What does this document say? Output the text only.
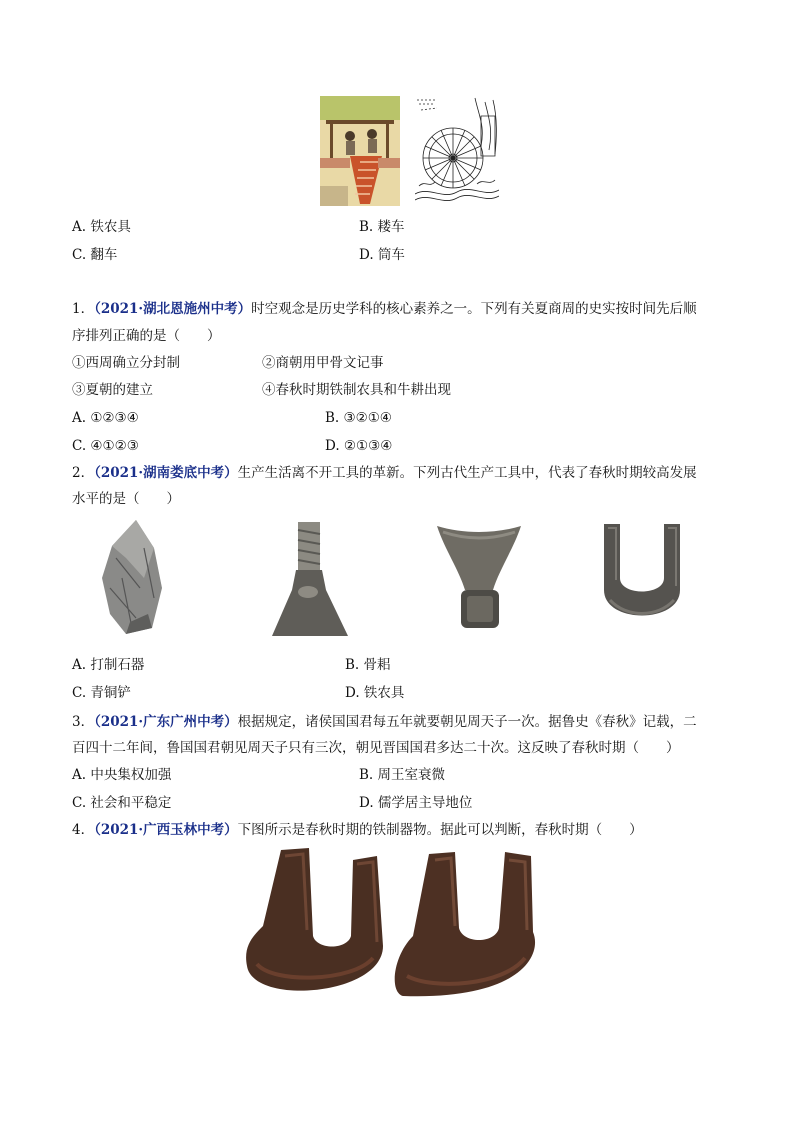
A. 铁农具	B. 耧车
C. 翻车	D. 筒车
1．（2021·湖北恩施州中考）时空观念是历史学科的核心素养之一。下列有关夏商周的史实按时间先后顺
序排列正确的是（　　）
①西周确立分封制	②商朝用甲骨文记事
③夏朝的建立	④春秋时期铁制农具和牛耕出现
A. ①②③④	B. ③②①④
C. ④①②③	D. ②①③④
2．（2021·湖南娄底中考）生产生活离不开工具的革新。下列古代生产工具中，代表了春秋时期较高发展
水平的是（　　）
A. 打制石器	B. 骨耜
C. 青铜铲	D. 铁农具
3．（2021·广东广州中考）根据规定，诸侯国国君每五年就要朝见周天子一次。据鲁史《春秋》记载，二
百四十二年间，鲁国国君朝见周天子只有三次，朝见晋国国君多达二十次。这反映了春秋时期（　　）
A. 中央集权加强	B. 周王室衰微
C. 社会和平稳定	D. 儒学居主导地位
4．（2021·广西玉林中考）下图所示是春秋时期的铁制器物。据此可以判断，春秋时期（　　）
